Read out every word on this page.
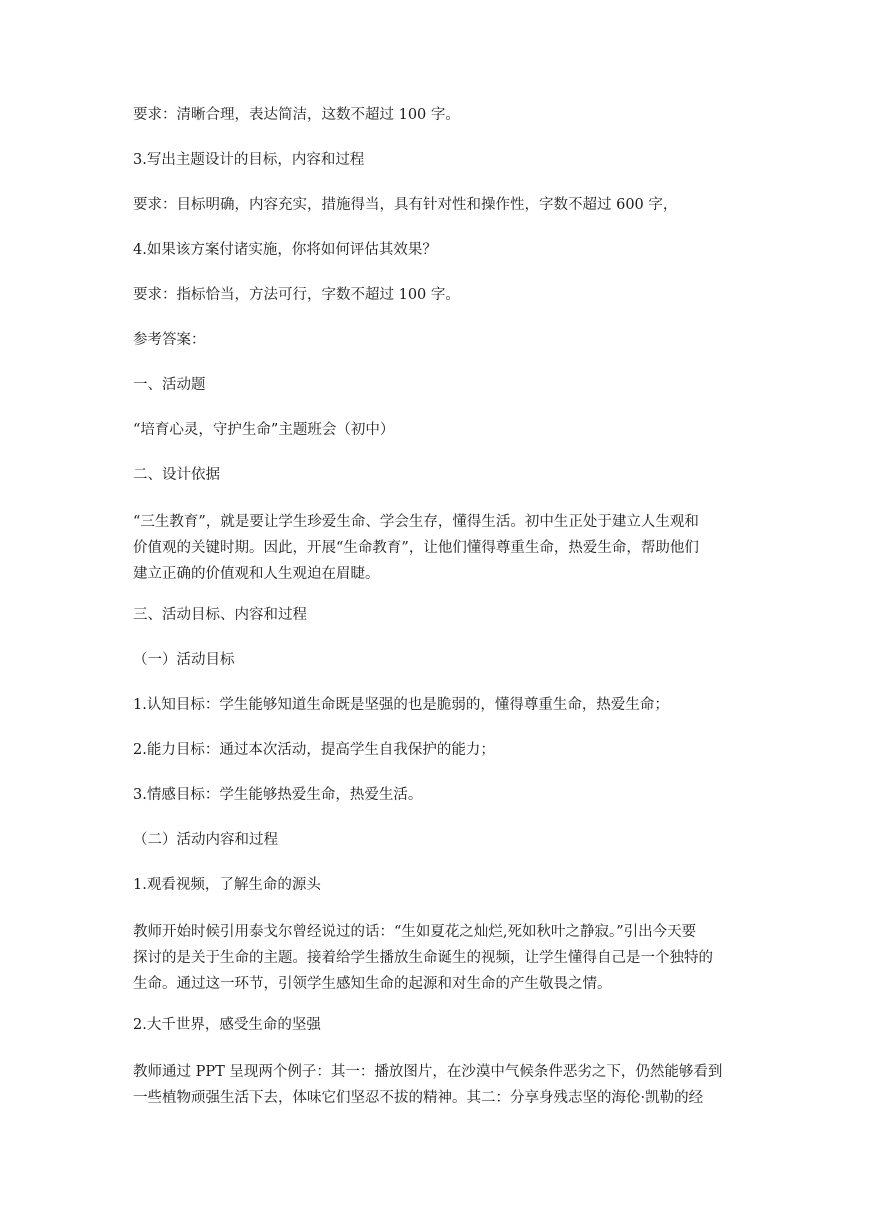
要求：清晰合理，表达简洁，这数不超过 100 字。

3.写出主题设计的目标，内容和过程

要求：目标明确，内容充实，措施得当，具有针对性和操作性，字数不超过 600 字，

4.如果该方案付诸实施，你将如何评估其效果？

要求：指标恰当，方法可行，字数不超过 100 字。

参考答案：

一、活动题

“培育心灵，守护生命”主题班会（初中）

二、设计依据

“三生教育”，就是要让学生珍爱生命、学会生存，懂得生活。初中生正处于建立人生观和
价值观的关键时期。因此，开展“生命教育”，让他们懂得尊重生命，热爱生命，帮助他们
建立正确的价值观和人生观迫在眉睫。

三、活动目标、内容和过程

（一）活动目标

1.认知目标：学生能够知道生命既是坚强的也是脆弱的，懂得尊重生命，热爱生命；

2.能力目标：通过本次活动，提高学生自我保护的能力；

3.情感目标：学生能够热爱生命，热爱生活。

（二）活动内容和过程

1.观看视频，了解生命的源头

教师开始时候引用泰戈尔曾经说过的话：“生如夏花之灿烂,死如秋叶之静寂。”引出今天要
探讨的是关于生命的主题。接着给学生播放生命诞生的视频，让学生懂得自己是一个独特的
生命。通过这一环节，引领学生感知生命的起源和对生命的产生敬畏之情。

2.大千世界，感受生命的坚强

教师通过 PPT 呈现两个例子：其一：播放图片，在沙漠中气候条件恶劣之下，仍然能够看到
一些植物顽强生活下去，体味它们坚忍不拔的精神。其二：分享身残志坚的海伦·凯勒的经
